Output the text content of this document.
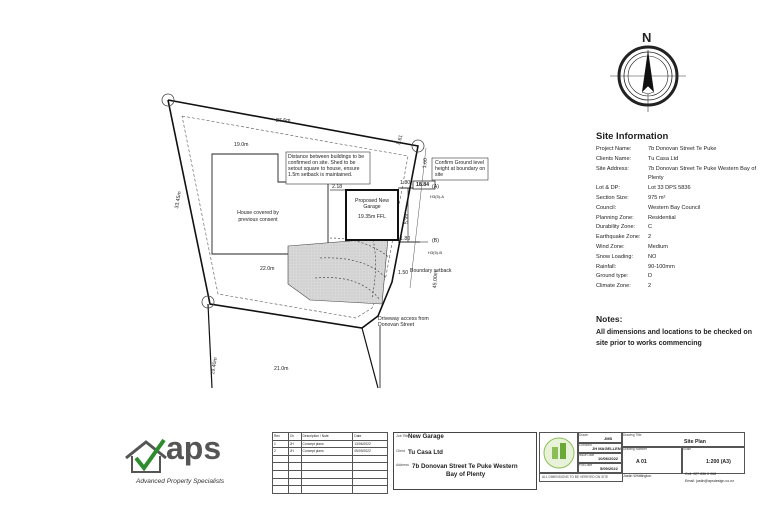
N
Site Information
Project Name:	7b Donovan Street Te Puke
Clients Name:	Tu Casa Ltd
Site Address:	7b Donovan Street Te Puke Western Bay of Plenty
Lot & DP:	Lot 33 DPS 5836
Section Size:	975 m²
Council:	Western Bay Council
Planning Zone:	Residential
Durability Zone:	C
Earthquake Zone:	2
Wind Zone:	Medium
Snow Loading:	NO
Rainfall:	90-100mm
Ground type:	D
Climate Zone:	2
Notes:
All dimensions and locations to be checked on site prior to works commencing
27.6m
33.45m
19.0m
22.0m
21.0m
19.40m
45.00m
5.61
1.60
2.18
1.80
1.80
5.99
1.50
18.84
House covered by previous consent
Distance between buildings to be confirmed on site. Shed to be setout square to house, ensure 1.5m setback is maintained.
Confirm Ground level height at boundary on site
Proposed New Garage
19.35m FFL
(A)
H3(5)-A
(B)
H3(5)-B
Boundary setback
Driveway access from Donovan Street
aps
Advanced Property Specialists
Rev	Ch	Description / Note	Date
1	JH	Concept plans	13/06/2022
2	JH	Concept plans	05/09/2022

Job Title
New Garage
Client Tu Casa Ltd
Address 7b Donovan Street Te Puke Western
Bay of Plenty
Drawn
JMS
Checked
JH MAGELLEN
Issue Date
10/06/2022
Plot Date
5/09/2022
Drawing Title
Site Plan
Drawing Number
A 01
Scale
1:200 (A3)
ALL DIMENSIONS TO BE VERIFIED ON SITE	Justin Whittington	Cell: 027 836 0 968
Email: justin@apsdesign.co.nz
